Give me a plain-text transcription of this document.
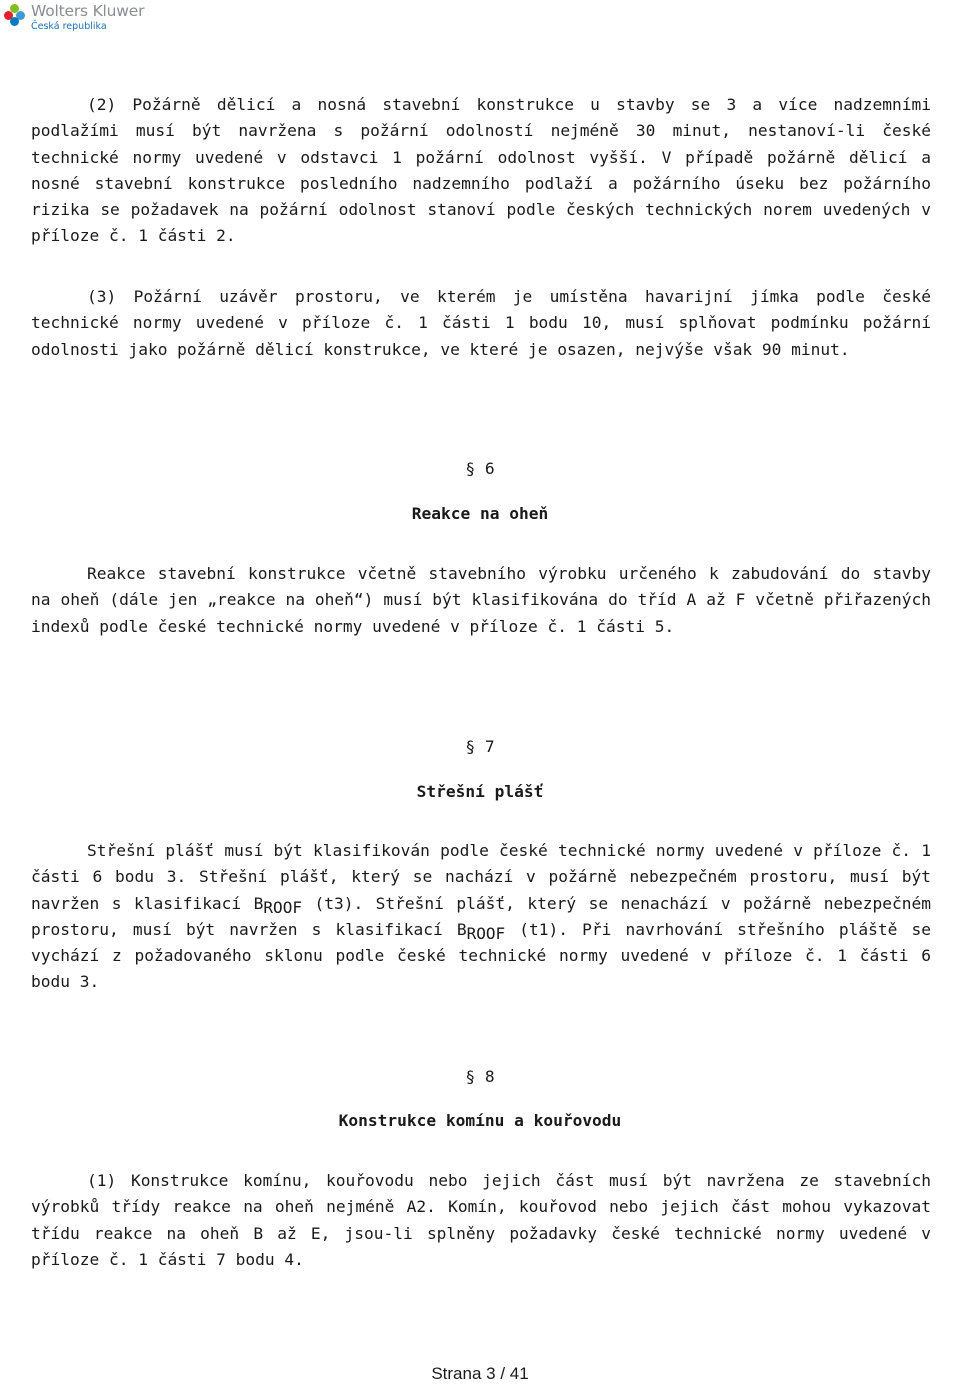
Wolters Kluwer
Česká republika

(2) Požárně dělicí a nosná stavební konstrukce u stavby se 3 a více nadzemními podlažími musí být navržena s požární odolností nejméně 30 minut, nestanoví-li české technické normy uvedené v odstavci 1 požární odolnost vyšší. V případě požárně dělicí a nosné stavební konstrukce posledního nadzemního podlaží a požárního úseku bez požárního rizika se požadavek na požární odolnost stanoví podle českých technických norem uvedených v příloze č. 1 části 2.

(3) Požární uzávěr prostoru, ve kterém je umístěna havarijní jímka podle české technické normy uvedené v příloze č. 1 části 1 bodu 10, musí splňovat podmínku požární odolnosti jako požárně dělicí konstrukce, ve které je osazen, nejvýše však 90 minut.

§ 6
Reakce na oheň

Reakce stavební konstrukce včetně stavebního výrobku určeného k zabudování do stavby na oheň (dále jen „reakce na oheň“) musí být klasifikována do tříd A až F včetně přiřazených indexů podle české technické normy uvedené v příloze č. 1 části 5.

§ 7
Střešní plášť

Střešní plášť musí být klasifikován podle české technické normy uvedené v příloze č. 1 části 6 bodu 3. Střešní plášť, který se nachází v požárně nebezpečném prostoru, musí být navržen s klasifikací $B_{ROOF}$ (t3). Střešní plášť, který se nenachází v požárně nebezpečném prostoru, musí být navržen s klasifikací $B_{ROOF}$ (t1). Při navrhování střešního pláště se vychází z požadovaného sklonu podle české technické normy uvedené v příloze č. 1 části 6 bodu 3.

§ 8
Konstrukce komínu a kouřovodu

(1) Konstrukce komínu, kouřovodu nebo jejich část musí být navržena ze stavebních výrobků třídy reakce na oheň nejméně A2. Komín, kouřovod nebo jejich část mohou vykazovat třídu reakce na oheň B až E, jsou-li splněny požadavky české technické normy uvedené v příloze č. 1 části 7 bodu 4.

Strana 3 / 41
